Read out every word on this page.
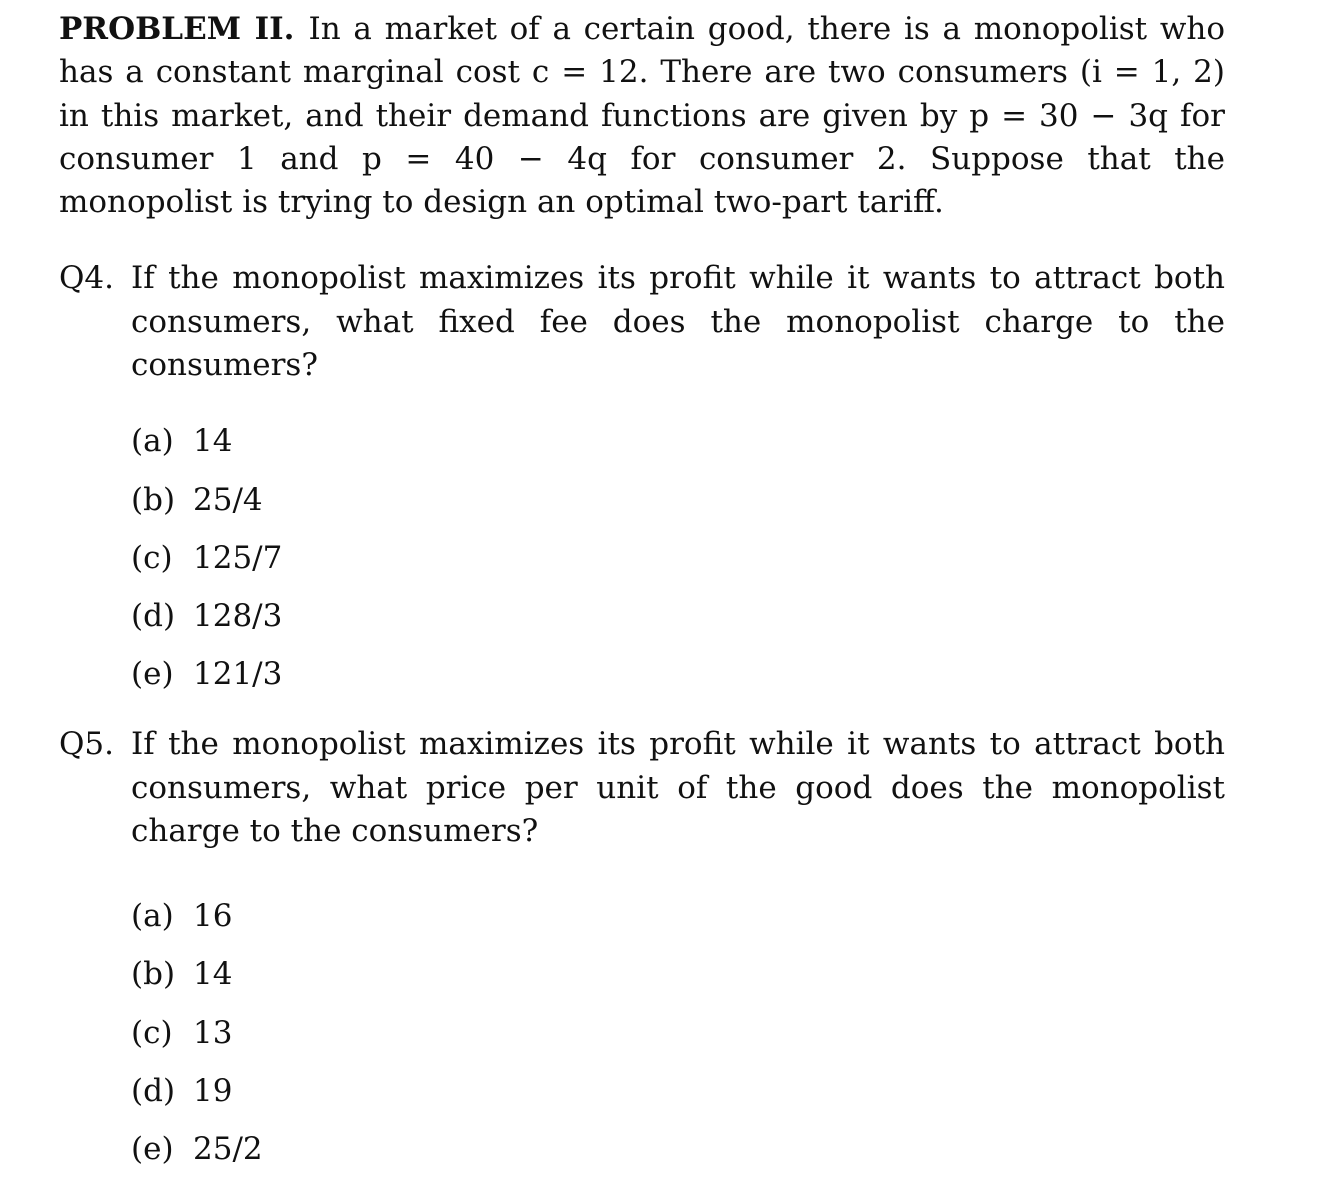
PROBLEM II. In a market of a certain good, there is a monopolist who has a constant marginal cost c = 12. There are two consumers (i = 1, 2) in this market, and their demand functions are given by p = 30 − 3q for consumer 1 and p = 40 − 4q for consumer 2. Suppose that the monopolist is trying to design an optimal two-part tariff.

Q4. If the monopolist maximizes its profit while it wants to attract both consumers, what fixed fee does the monopolist charge to the consumers?
(a) 14
(b) 25/4
(c) 125/7
(d) 128/3
(e) 121/3
Q5. If the monopolist maximizes its profit while it wants to attract both consumers, what price per unit of the good does the monopolist charge to the consumers?
(a) 16
(b) 14
(c) 13
(d) 19
(e) 25/2
